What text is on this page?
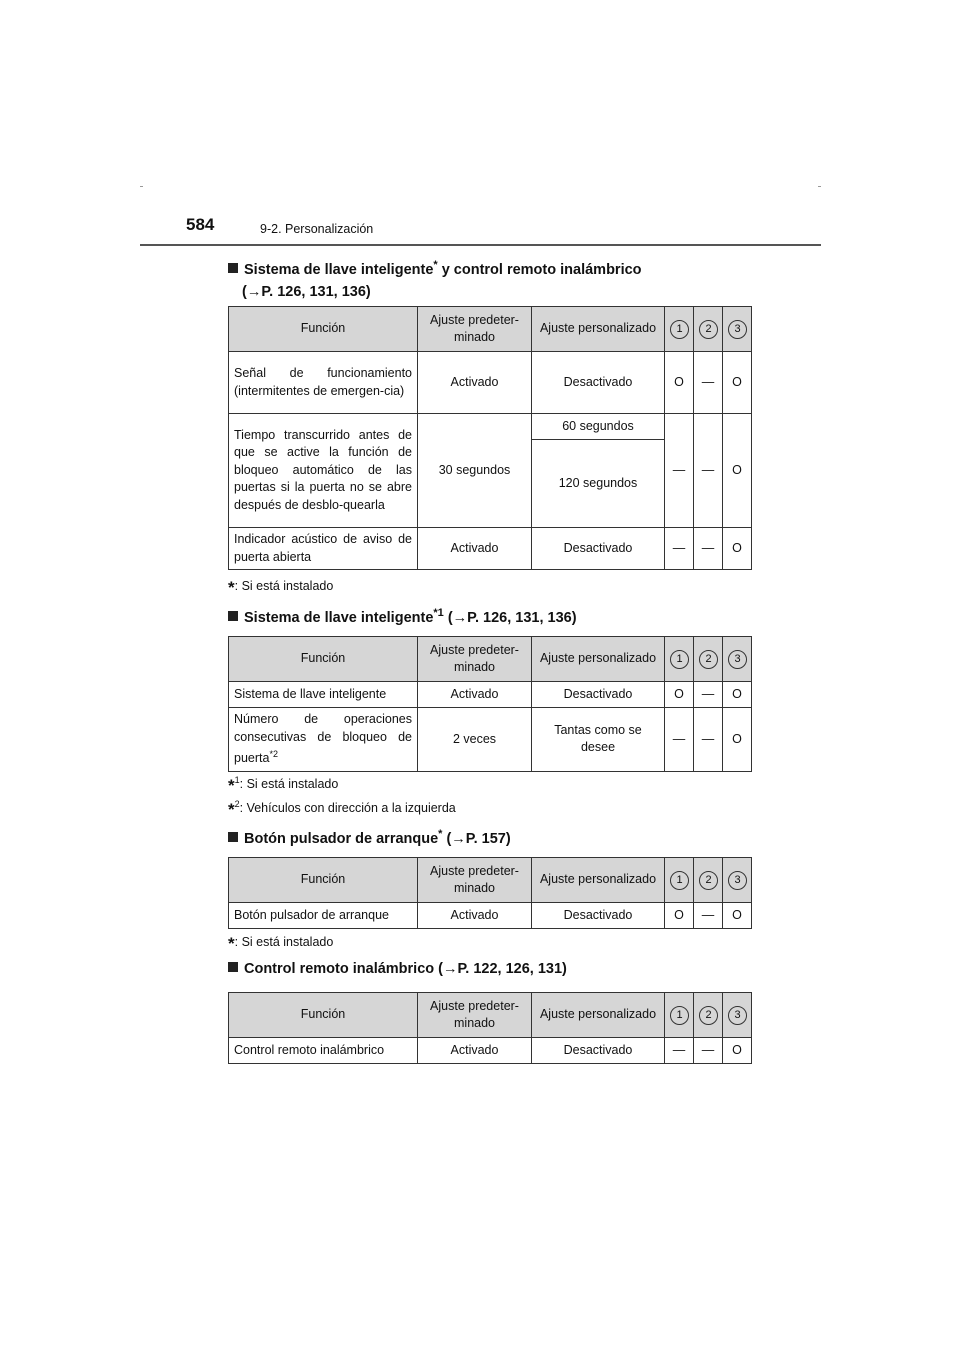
584	9-2. Personalización
Sistema de llave inteligente* y control remoto inalámbrico
(→P. 126, 131, 136)
Función	Ajuste predeter-minado	Ajuste personalizado	1	2	3
Señal de funcionamiento (intermitentes de emergen-cia)	Activado	Desactivado	O	—	O
Tiempo transcurrido antes de que se active la función de bloqueo automático de las puertas si la puerta no se abre después de desblo-quearla	30 segundos	60 segundos	—	—	O
		120 segundos			
Indicador acústico de aviso de puerta abierta	Activado	Desactivado	—	—	O
*: Si está instalado
Sistema de llave inteligente$^{*1}$ (→P. 126, 131, 136)
Función	Ajuste predeter-minado	Ajuste personalizado	1	2	3
Sistema de llave inteligente	Activado	Desactivado	O	—	O
Número de operaciones consecutivas de bloqueo de puerta$^{*2}$	2 veces	Tantas como se desee	—	—	O
*$^1$: Si está instalado
*$^2$: Vehículos con dirección a la izquierda
Botón pulsador de arranque* (→P. 157)
Función	Ajuste predeter-minado	Ajuste personalizado	1	2	3
Botón pulsador de arranque	Activado	Desactivado	O	—	O
*: Si está instalado
Control remoto inalámbrico (→P. 122, 126, 131)
Función	Ajuste predeter-minado	Ajuste personalizado	1	2	3
Control remoto inalámbrico	Activado	Desactivado	—	—	O
